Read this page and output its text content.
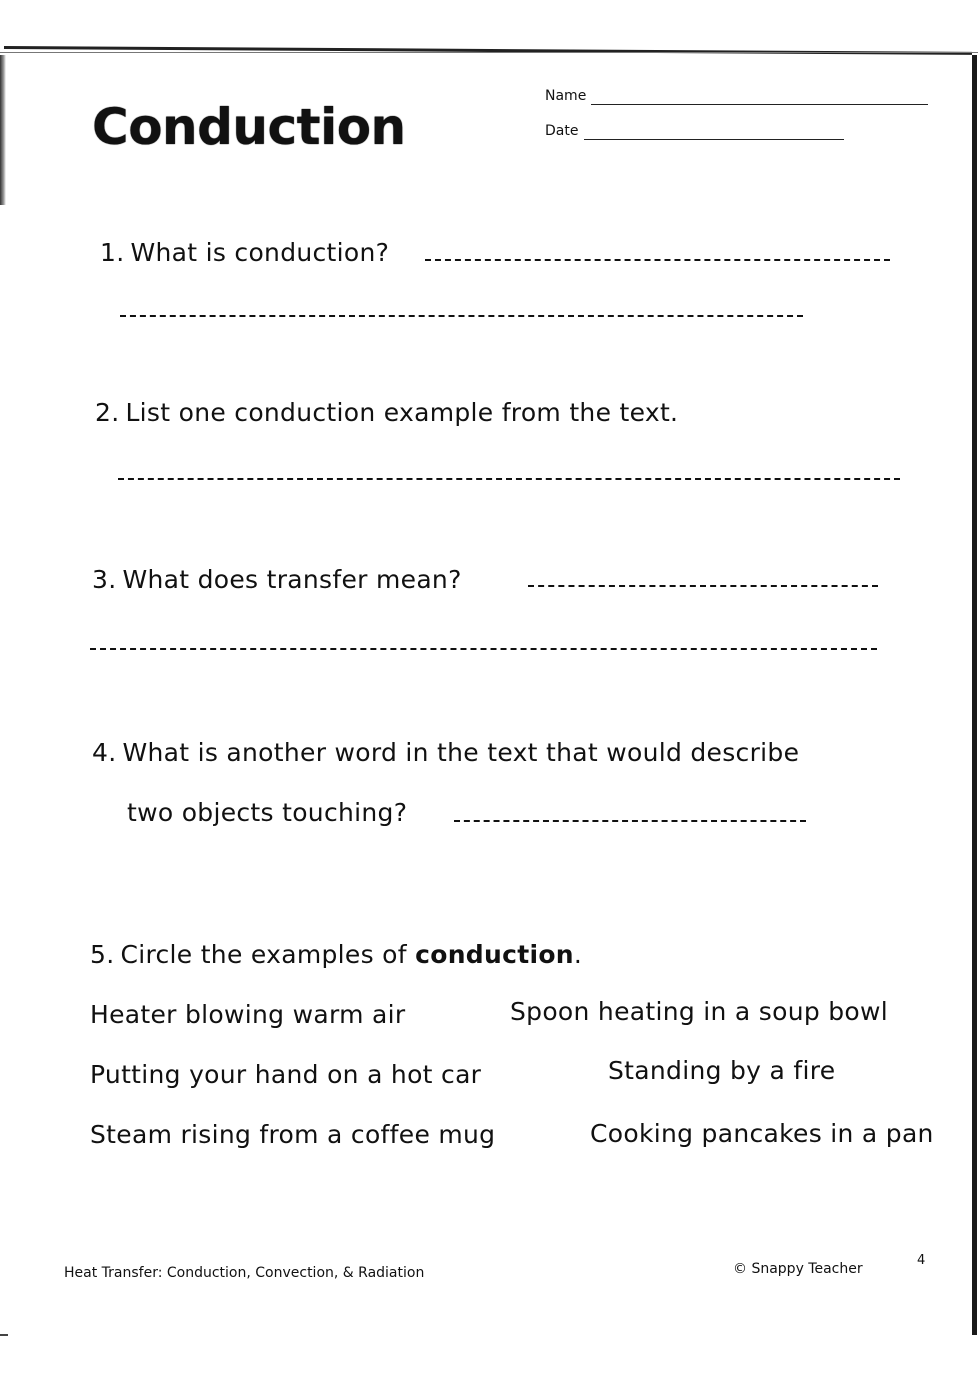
Conduction
Name
Date
1. What is conduction?
2. List one conduction example from the text.
3. What does transfer mean?
4. What is another word in the text that would describe
two objects touching?
5. Circle the examples of conduction.
Heater blowing warm air	Spoon heating in a soup bowl
Putting your hand on a hot car	Standing by a fire
Steam rising from a coffee mug	Cooking pancakes in a pan
Heat Transfer: Conduction, Convection, & Radiation	© Snappy Teacher
4
